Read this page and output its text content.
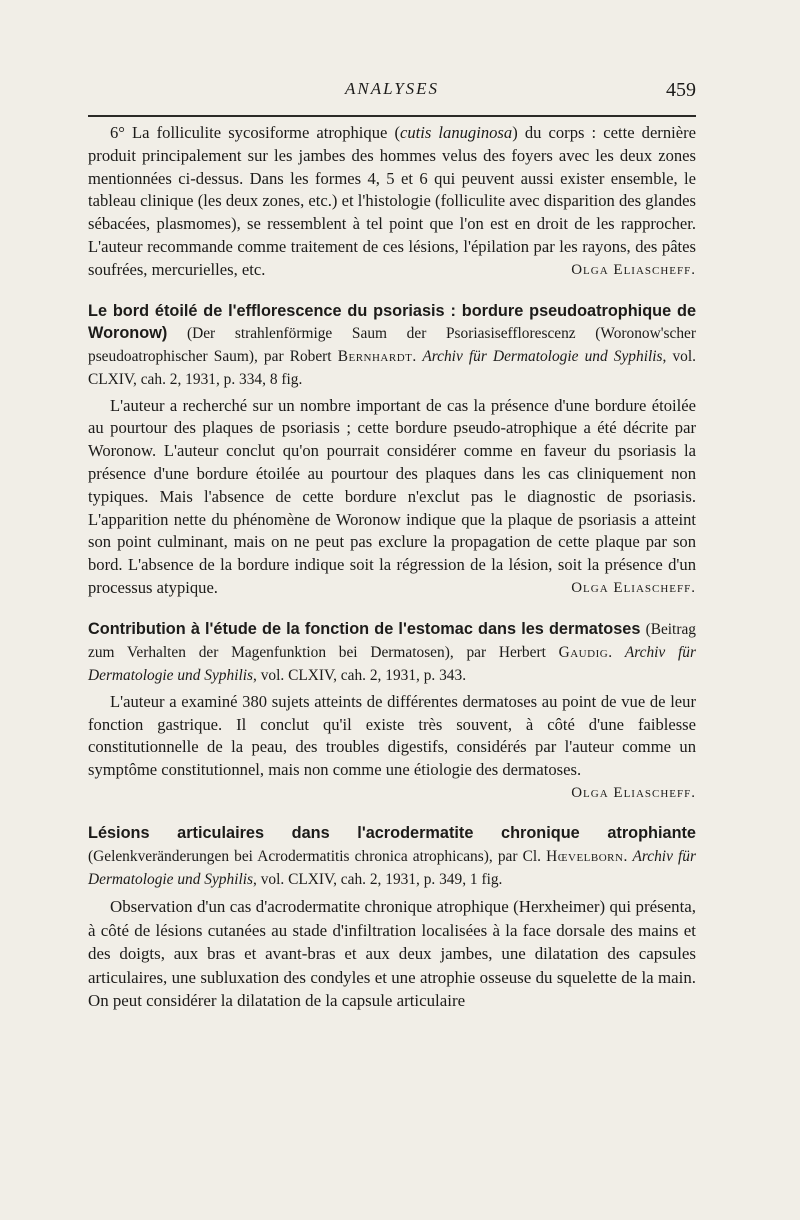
ANALYSES	459

6° La folliculite sycosiforme atrophique (cutis lanuginosa) du corps : cette dernière produit principalement sur les jambes des hommes velus des foyers avec les deux zones mentionnées ci-dessus. Dans les formes 4, 5 et 6 qui peuvent aussi exister ensemble, le tableau clinique (les deux zones, etc.) et l'histologie (folliculite avec disparition des glandes sébacées, plasmomes), se ressemblent à tel point que l'on est en droit de les rapprocher. L'auteur recommande comme traitement de ces lésions, l'épilation par les rayons, des pâtes soufrées, mercurielles, etc.	Olga Eliascheff.

Le bord étoilé de l'efflorescence du psoriasis : bordure pseudoatrophique de Woronow) (Der strahlenförmige Saum der Psoriasisefflorescenz (Woronow'scher pseudoatrophischer Saum), par Robert Bernhardt. Archiv für Dermatologie und Syphilis, vol. CLXIV, cah. 2, 1931, p. 334, 8 fig.

L'auteur a recherché sur un nombre important de cas la présence d'une bordure étoilée au pourtour des plaques de psoriasis ; cette bordure pseudo-atrophique a été décrite par Woronow. L'auteur conclut qu'on pourrait considérer comme en faveur du psoriasis la présence d'une bordure étoilée au pourtour des plaques dans les cas cliniquement non typiques. Mais l'absence de cette bordure n'exclut pas le diagnostic de psoriasis. L'apparition nette du phénomène de Woronow indique que la plaque de psoriasis a atteint son point culminant, mais on ne peut pas exclure la propagation de cette plaque par son bord. L'absence de la bordure indique soit la régression de la lésion, soit la présence d'un processus atypique.	Olga Eliascheff.

Contribution à l'étude de la fonction de l'estomac dans les dermatoses (Beitrag zum Verhalten der Magenfunktion bei Dermatosen), par Herbert Gaudig. Archiv für Dermatologie und Syphilis, vol. CLXIV, cah. 2, 1931, p. 343.

L'auteur a examiné 380 sujets atteints de différentes dermatoses au point de vue de leur fonction gastrique. Il conclut qu'il existe très souvent, à côté d'une faiblesse constitutionnelle de la peau, des troubles digestifs, considérés par l'auteur comme un symptôme constitutionnel, mais non comme une étiologie des dermatoses.

Olga Eliascheff.

Lésions articulaires dans l'acrodermatite chronique atrophiante (Gelenkveränderungen bei Acrodermatitis chronica atrophicans), par Cl. Hœvelborn. Archiv für Dermatologie und Syphilis, vol. CLXIV, cah. 2, 1931, p. 349, 1 fig.

Observation d'un cas d'acrodermatite chronique atrophique (Herxheimer) qui présenta, à côté de lésions cutanées au stade d'infiltration localisées à la face dorsale des mains et des doigts, aux bras et avant-bras et aux deux jambes, une dilatation des capsules articulaires, une subluxation des condyles et une atrophie osseuse du squelette de la main. On peut considérer la dilatation de la capsule articulaire
